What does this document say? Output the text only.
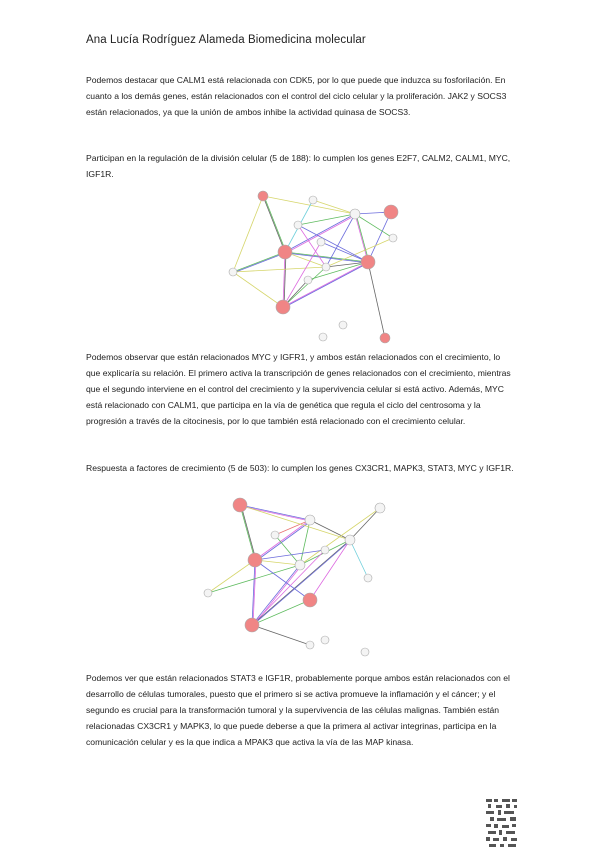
Ana Lucía Rodríguez Alameda Biomedicina molecular
Podemos destacar que CALM1 está relacionada con CDK5, por lo que puede que induzca su fosforilación. En cuanto a los demás genes, están relacionados con el control del ciclo celular y la proliferación. JAK2 y SOCS3 están relacionados, ya que la unión de ambos inhibe la actividad quinasa de SOCS3.
Participan en la regulación de la división celular (5 de 188): lo cumplen los genes E2F7, CALM2, CALM1, MYC, IGF1R.
Podemos observar que están relacionados MYC y IGFR1, y ambos están relacionados con el crecimiento, lo que explicaría su relación. El primero activa la transcripción de genes relacionados con el crecimiento, mientras que el segundo interviene en el control del crecimiento y la supervivencia celular si está activo. Además, MYC está relacionado con CALM1, que participa en la vía de genética que regula el ciclo del centrosoma y la progresión a través de la citocinesis, por lo que también está relacionado con el crecimiento celular.
Respuesta a factores de crecimiento (5 de 503): lo cumplen los genes CX3CR1, MAPK3, STAT3, MYC y IGF1R.
Podemos ver que están relacionados STAT3 e IGF1R, probablemente porque ambos están relacionados con el desarrollo de células tumorales, puesto que el primero si se activa promueve la inflamación y el cáncer; y el segundo es crucial para la transformación tumoral y la supervivencia de las células malignas. También están relacionadas CX3CR1 y MAPK3, lo que puede deberse a que la primera al activar integrinas, participa en la comunicación celular y es la que indica a MPAK3 que activa la vía de las MAP kinasa.
